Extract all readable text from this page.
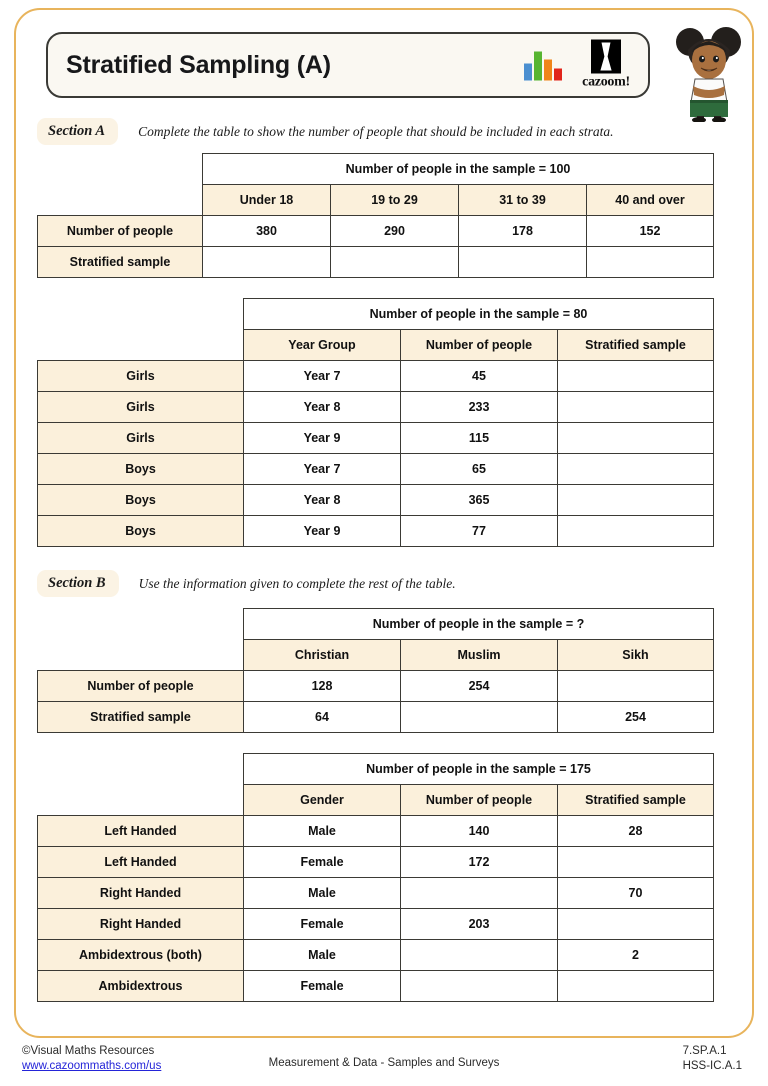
Stratified Sampling (A)
cazoom!
Section A	Complete the table to show the number of people that should be included in each strata.
	Number of people in the sample = 100			
	Under 18	19 to 29	31 to 39	40 and over
Number of people	380	290	178	152
Stratified sample				
	Number of people in the sample = 80		
	Year Group	Number of people	Stratified sample
Girls	Year 7	45	
Girls	Year 8	233	
Girls	Year 9	115	
Boys	Year 7	65	
Boys	Year 8	365	
Boys	Year 9	77	
Section B	Use the information given to complete the rest of the table.
	Number of people in the sample = ?		
	Christian	Muslim	Sikh
Number of people	128	254	
Stratified sample	64		254
	Number of people in the sample = 175		
	Gender	Number of people	Stratified sample
Left Handed	Male	140	28
Left Handed	Female	172	
Right Handed	Male		70
Right Handed	Female	203	
Ambidextrous (both)	Male		2
Ambidextrous	Female		
©Visual Maths Resources
www.cazoommaths.com/us	Measurement & Data - Samples and Surveys
7.SP.A.1
HSS-IC.A.1
